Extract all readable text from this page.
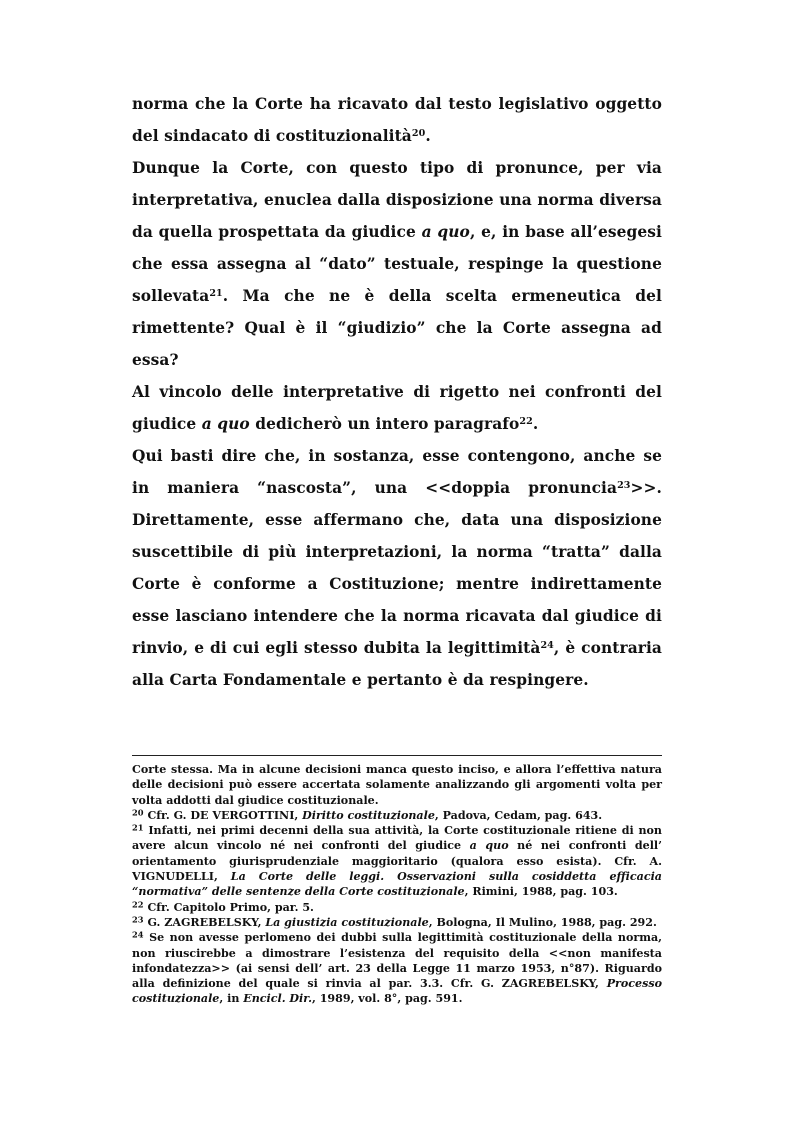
norma che la Corte ha ricavato dal testo legislativo oggetto del sindacato di costituzionalità$^{20}$.

Dunque la Corte, con questo tipo di pronunce, per via interpretativa, enuclea dalla disposizione una norma diversa da quella prospettata da giudice a quo, e, in base all’esegesi che essa assegna al “dato” testuale, respinge la questione sollevata$^{21}$. Ma che ne è della scelta ermeneutica del rimettente? Qual è il “giudizio” che la Corte assegna ad essa?

Al vincolo delle interpretative di rigetto nei confronti del giudice a quo dedicherò un intero paragrafo$^{22}$.

Qui basti dire che, in sostanza, esse contengono, anche se in maniera “nascosta”, una <<doppia pronuncia$^{23}$>>. Direttamente, esse affermano che, data una disposizione suscettibile di più interpretazioni, la norma “tratta” dalla Corte è conforme a Costituzione; mentre indirettamente esse lasciano intendere che la norma ricavata dal giudice di rinvio, e di cui egli stesso dubita la legittimità$^{24}$, è contraria alla Carta Fondamentale e pertanto è da respingere.

Corte stessa. Ma in alcune decisioni manca questo inciso, e allora l’effettiva natura delle decisioni può essere accertata solamente analizzando gli argomenti volta per volta addotti dal giudice costituzionale.

$^{20}$ Cfr. G. DE VERGOTTINI, Diritto costituzionale, Padova, Cedam, pag. 643.

$^{21}$ Infatti, nei primi decenni della sua attività, la Corte costituzionale ritiene di non avere alcun vincolo né nei confronti del giudice a quo né nei confronti dell’ orientamento giurisprudenziale maggioritario (qualora esso esista). Cfr. A. VIGNUDELLI, La Corte delle leggi. Osservazioni sulla cosiddetta efficacia “normativa” delle sentenze della Corte costituzionale, Rimini, 1988, pag. 103.

$^{22}$ Cfr. Capitolo Primo, par. 5.

$^{23}$ G. ZAGREBELSKY, La giustizia costituzionale, Bologna, Il Mulino, 1988, pag. 292.

$^{24}$ Se non avesse perlomeno dei dubbi sulla legittimità costituzionale della norma, non riuscirebbe a dimostrare l’esistenza del requisito della <<non manifesta infondatezza>> (ai sensi dell’ art. 23 della Legge 11 marzo 1953, n°87). Riguardo alla definizione del quale si rinvia al par. 3.3. Cfr. G. ZAGREBELSKY, Processo costituzionale, in Encicl. Dir., 1989, vol. 8°, pag. 591.
